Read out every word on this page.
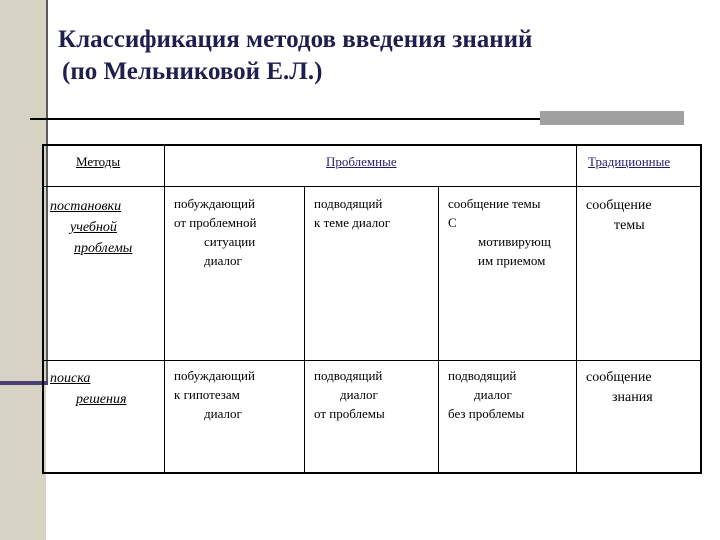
Классификация методов введения знаний
(по Мельниковой Е.Л.)
Методы	Проблемные	Традиционные
постановки
учебной
проблемы
побуждающий
от проблемной
ситуации
диалог
подводящий
к теме диалог
сообщение темы
С
мотивирующ
им приемом
сообщение
темы
поиска
решения
побуждающий
к гипотезам
диалог
подводящий
диалог
от проблемы
подводящий
диалог
без проблемы
сообщение
знания
